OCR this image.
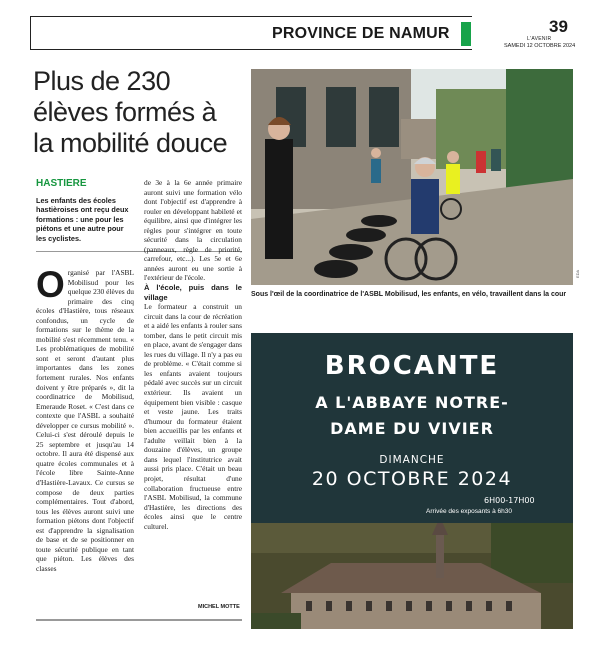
PROVINCE DE NAMUR	39
L'AVENIR
SAMEDI 12 OCTOBRE 2024
Plus de 230 élèves formés à la mobilité douce
HASTIERE
Les enfants des écoles hastièroises ont reçu deux formations : une pour les piétons et une autre pour les cyclistes.
O rganisé par l'ASBL Mobilisud pour les quelque 230 élèves du primaire des cinq écoles d'Hastière, tous réseaux confondus, un cycle de formations sur le thème de la mobilité s'est récemment tenu. « Les problématiques de mobilité sont et seront d'autant plus importantes dans les zones fortement rurales. Nos enfants doivent y être préparés », dit la coordinatrice de Mobilisud, Emeraude Roset. « C'est dans ce contexte que l'ASBL a souhaité développer ce cursus mobilité ». Celui-ci s'est déroulé depuis le 25 septembre et jusqu'au 14 octobre. Il aura été dispensé aux quatre écoles communales et à l'école libre Sainte-Anne d'Hastière-Lavaux. Ce cursus se compose de deux parties complémentaires. Tout d'abord, tous les élèves auront suivi une formation piétons dont l'objectif est d'apprendre la signalisation de base et de se positionner en toute sécurité publique en tant que piéton. Les élèves des classes

de 3e à la 6e année primaire auront suivi une formation vélo dont l'objectif est d'apprendre à rouler en développant habileté et équilibre, ainsi que d'intégrer les règles pour s'intégrer en toute sécurité dans la circulation (panneaux, règle de priorité, carrefour, etc...). Les 5e et 6e années auront eu une sortie à l'extérieur de l'école.

À l'école, puis dans le village

Le formateur a construit un circuit dans la cour de récréation et a aidé les enfants à rouler sans tomber, dans le petit circuit mis en place, avant de s'engager dans les rues du village. Il n'y a pas eu de problème. « C'était comme si les enfants avaient toujours pédalé avec succès sur un circuit extérieur. Ils avaient un équipement bien visible : casque et veste jaune. Les traits d'humour du formateur étaient bien accueillis par les enfants et l'adulte veillait bien à la douzaine d'élèves, un groupe dans lequel l'institutrice avait aussi pris place. C'était un beau projet, résultat d'une collaboration fructueuse entre l'ASBL Mobilisud, la commune d'Hastière, les directions des écoles ainsi que le centre culturel.

MICHEL MOTTE
EDA
Sous l'œil de la coordinatrice de l'ASBL Mobilisud, les enfants, en vélo, travaillent dans la cour
BROCANTE
A L'ABBAYE NOTRE-
DAME DU VIVIER
DIMANCHE
20 OCTOBRE 2024
6H00-17H00
Arrivée des exposants à 6h30
